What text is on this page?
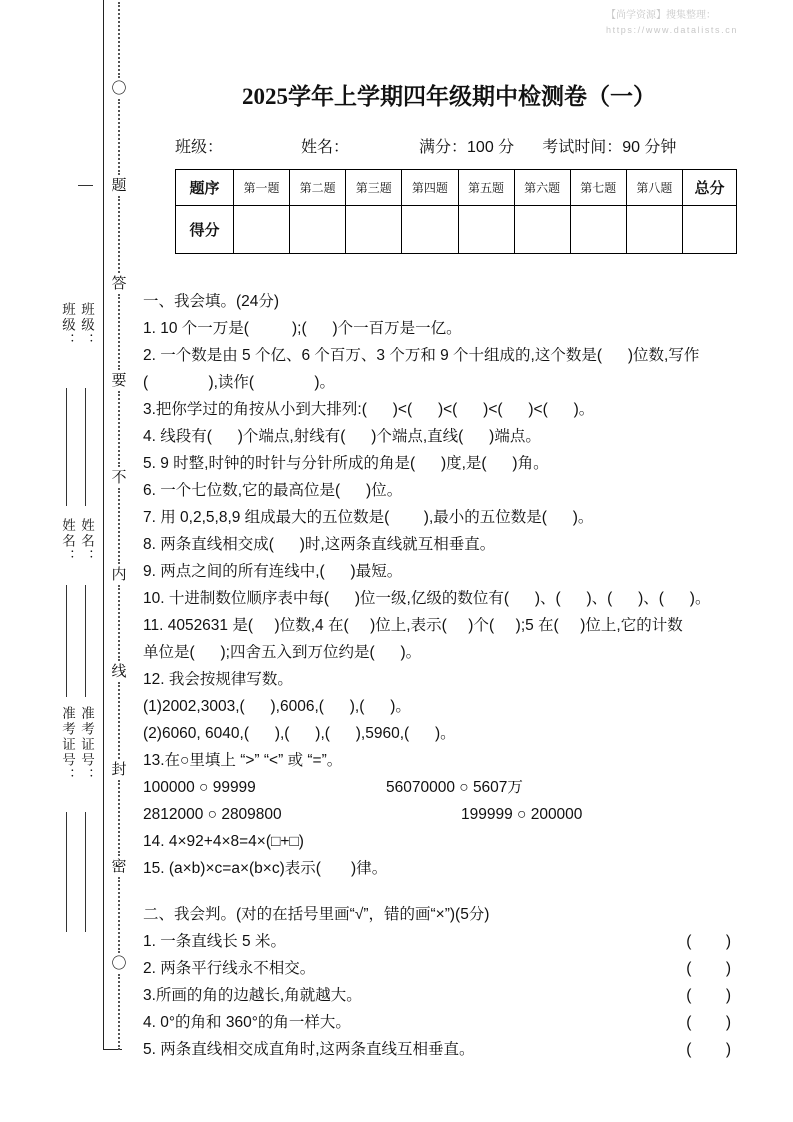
【尚学资源】搜集整理：
https://www.datalists.cn
〇
题
答
要
不
内
线
封
密
〇
班级： 班级：
姓名： 姓名：
准考证号： 准考证号：
2025学年上学期四年级期中检测卷（一）
班级：	姓名：	满分：100 分 考试时间：90 分钟
题序	第一题	第二题	第三题	第四题	第五题	第六题	第七题	第八题	总分
得分									

一、我会填。(24分)

1. 10 个一万是(          );(      )个一百万是一亿。

2. 一个数是由 5 个亿、6 个百万、3 个万和 9 个十组成的,这个数是(      )位数,写作

(              ),读作(              )。

3.把你学过的角按从小到大排列:(      )<(      )<(      )<(      )<(      )。

4. 线段有(      )个端点,射线有(      )个端点,直线(      )端点。

5. 9 时整,时钟的时针与分针所成的角是(      )度,是(      )角。

6. 一个七位数,它的最高位是(      )位。

7. 用 0,2,5,8,9 组成最大的五位数是(        ),最小的五位数是(      )。

8. 两条直线相交成(      )时,这两条直线就互相垂直。

9. 两点之间的所有连线中,(      )最短。

10. 十进制数位顺序表中每(      )位一级,亿级的数位有(      )、(      )、(      )、(      )。

11. 4052631 是(     )位数,4 在(     )位上,表示(     )个(     );5 在(     )位上,它的计数

单位是(      );四舍五入到万位约是(      )。

12. 我会按规律写数。

(1)2002,3003,(      ),6006,(      ),(      )。

(2)6060, 6040,(      ),(      ),(      ),5960,(      )。

13.在○里填上 “>” “<” 或 “=”。

100000 ○ 99999	56070000 ○ 5607万
2812000 ○ 2809800	199999 ○ 200000

14. 4×92+4×8=4×(□+□)

15. (a×b)×c=a×(b×c)表示(       )律。

二、我会判。(对的在括号里画“√”，错的画“×”)(5分)

1. 一条直线长 5 米。	(        )

2. 两条平行线永不相交。	(        )

3.所画的角的边越长,角就越大。	(        )

4. 0°的角和 360°的角一样大。	(        )

5. 两条直线相交成直角时,这两条直线互相垂直。	(        )
